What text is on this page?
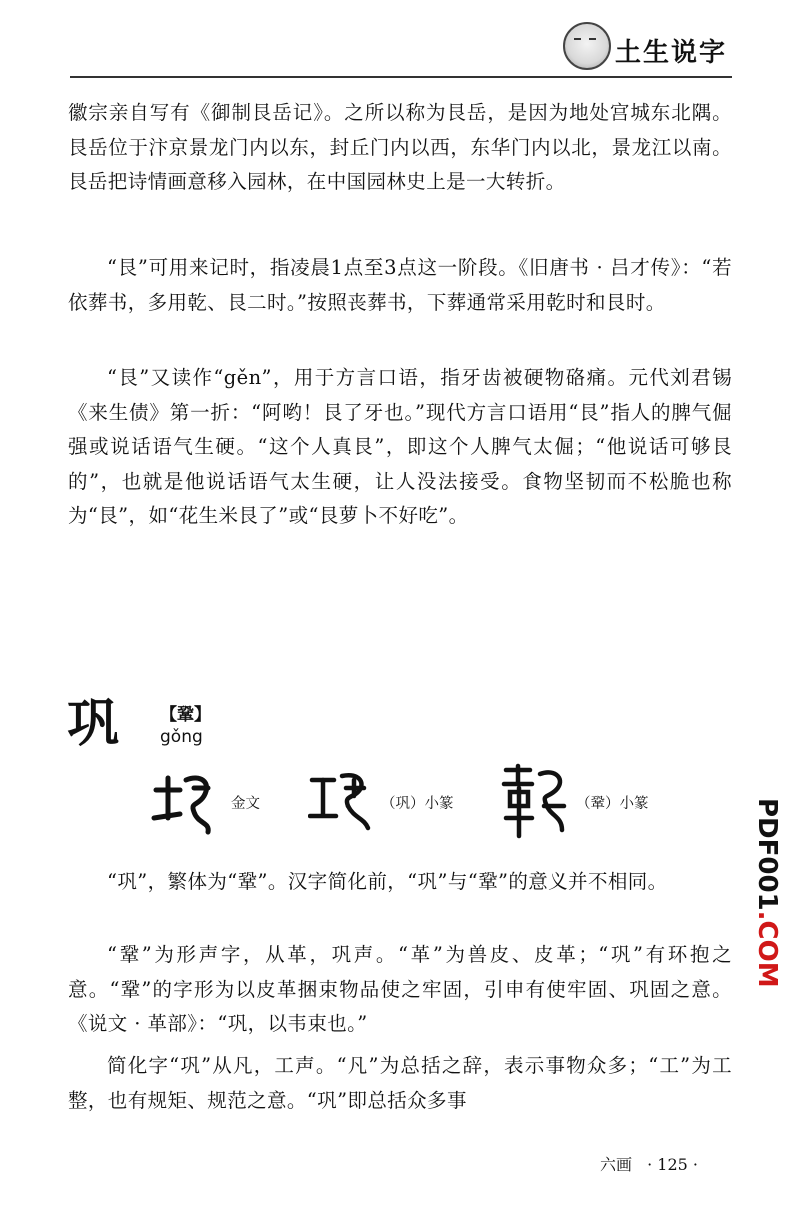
土生说字

徽宗亲自写有《御制艮岳记》。之所以称为艮岳，是因为地处宫城东北隅。艮岳位于汴京景龙门内以东，封丘门内以西，东华门内以北，景龙江以南。艮岳把诗情画意移入园林，在中国园林史上是一大转折。

“艮”可用来记时，指凌晨1点至3点这一阶段。《旧唐书 · 吕才传》：“若依葬书，多用乾、艮二时。”按照丧葬书，下葬通常采用乾时和艮时。

“艮”又读作“gěn”，用于方言口语，指牙齿被硬物硌痛。元代刘君锡《来生债》第一折：“阿哟！艮了牙也。”现代方言口语用“艮”指人的脾气倔强或说话语气生硬。“这个人真艮”，即这个人脾气太倔；“他说话可够艮的”，也就是他说话语气太生硬，让人没法接受。食物坚韧而不松脆也称为“艮”，如“花生米艮了”或“艮萝卜不好吃”。

巩 【鞏】
gǒng
金文	（巩）小篆	（鞏）小篆

“巩”，繁体为“鞏”。汉字简化前，“巩”与“鞏”的意义并不相同。

“鞏”为形声字，从革，巩声。“革”为兽皮、皮革；“巩”有环抱之意。“鞏”的字形为以皮革捆束物品使之牢固，引申有使牢固、巩固之意。《说文 · 革部》：“巩，以韦束也。”

简化字“巩”从凡，工声。“凡”为总括之辞，表示事物众多；“工”为工整，也有规矩、规范之意。“巩”即总括众多事

PDF001.COM
六画 · 125 ·
